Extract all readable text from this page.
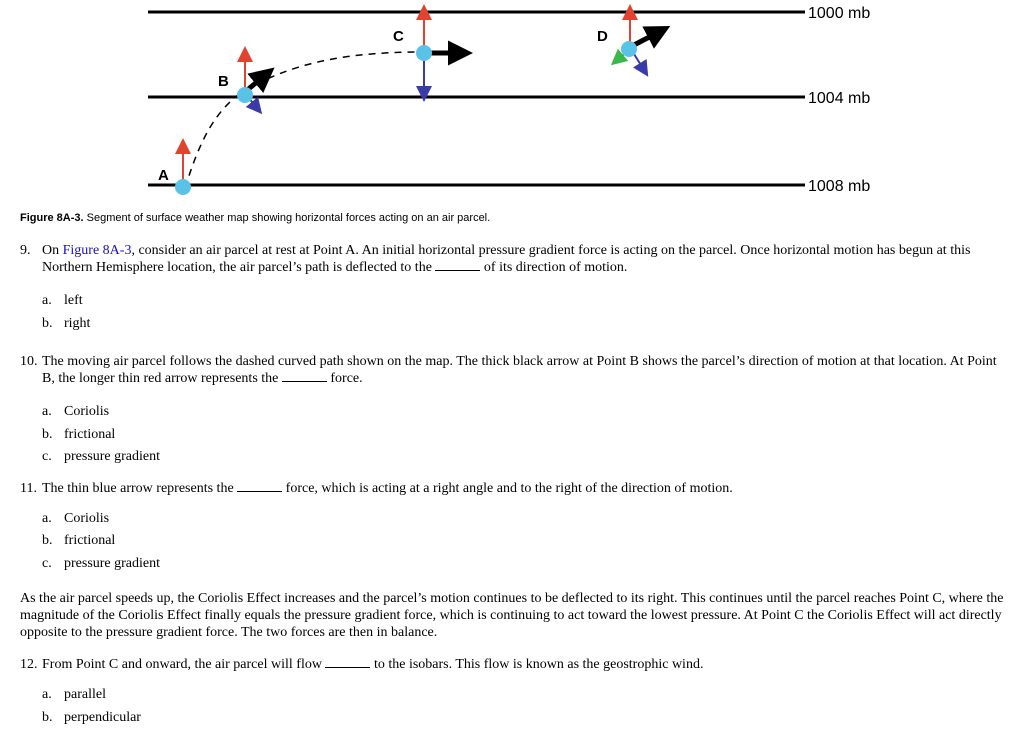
1000 mb
1004 mb
1008 mb
A
B
C	D
Figure 8A-3. Segment of surface weather map showing horizontal forces acting on an air parcel.
9. On Figure 8A-3, consider an air parcel at rest at Point A. An initial horizontal pressure gradient force is acting on the parcel. Once horizontal motion has begun at this Northern Hemisphere location, the air parcel’s path is deflected to the	of its direction of motion.
a. left
b. right
10. The moving air parcel follows the dashed curved path shown on the map. The thick black arrow at Point B shows the parcel’s direction of motion at that location. At Point B, the longer thin red arrow represents the	force.
a. Coriolis
b. frictional
c. pressure gradient
11. The thin blue arrow represents the	force, which is acting at a right angle and to the right of the direction of motion.
a. Coriolis
b. frictional
c. pressure gradient

As the air parcel speeds up, the Coriolis Effect increases and the parcel’s motion continues to be deflected to its right. This continues until the parcel reaches Point C, where the magnitude of the Coriolis Effect finally equals the pressure gradient force, which is continuing to act toward the lowest pressure. At Point C the Coriolis Effect will act directly opposite to the pressure gradient force. The two forces are then in balance.

12. From Point C and onward, the air parcel will flow	to the isobars. This flow is known as the geostrophic wind.
a. parallel
b. perpendicular
